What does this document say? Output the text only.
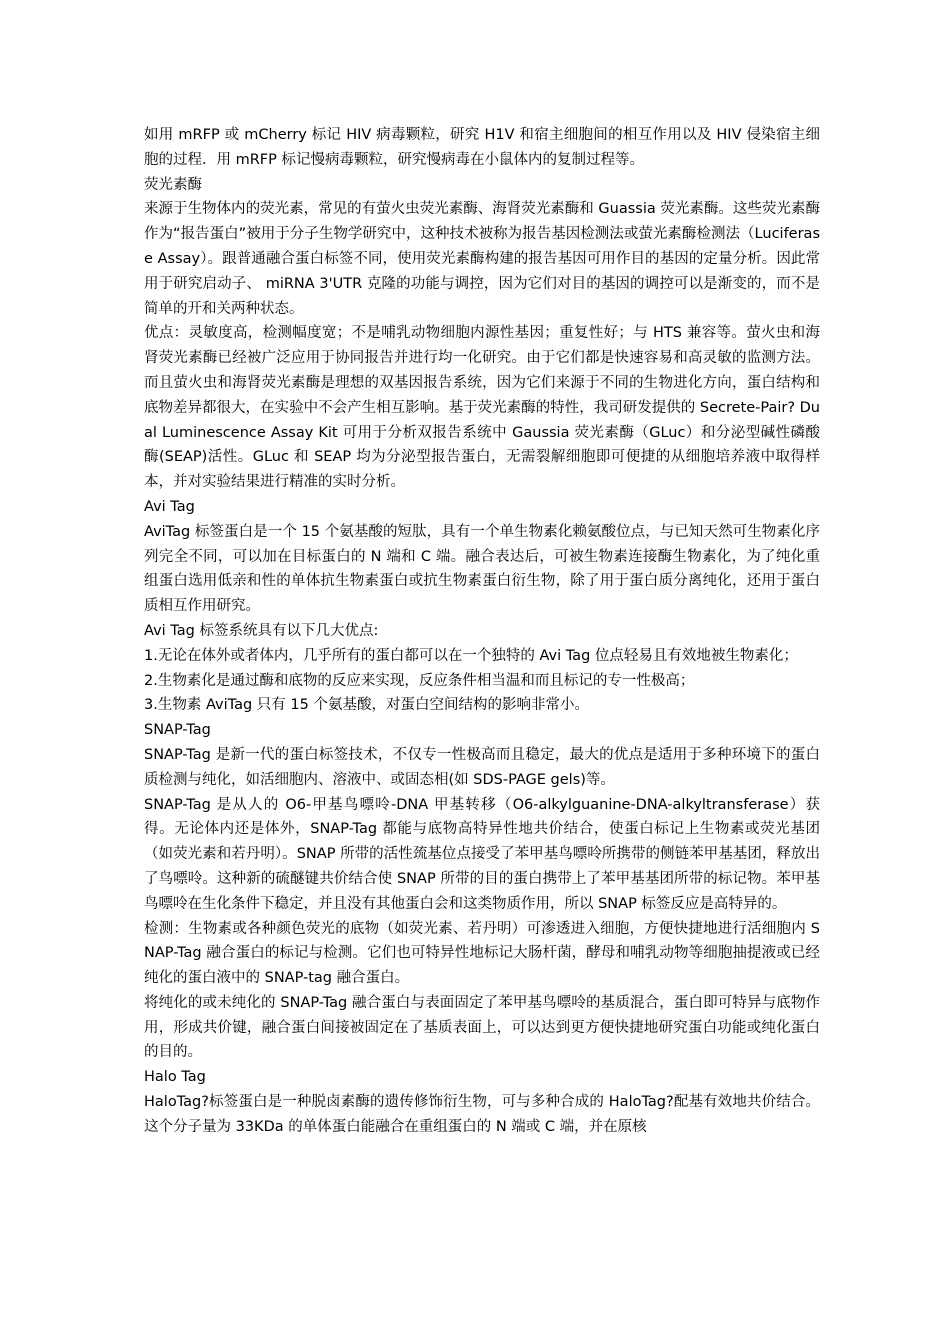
如用 mRFP 或 mCherry 标记 HIV 病毒颗粒，研究 H1V 和宿主细胞间的相互作用以及 HIV 侵染宿主细胞的过程．用 mRFP 标记慢病毒颗粒，研究慢病毒在小鼠体内的复制过程等。

荧光素酶

来源于生物体内的荧光素，常见的有萤火虫荧光素酶、海肾荧光素酶和 Guassia 荧光素酶。这些荧光素酶作为“报告蛋白”被用于分子生物学研究中，这种技术被称为报告基因检测法或萤光素酶检测法（Luciferase Assay）。跟普通融合蛋白标签不同，使用荧光素酶构建的报告基因可用作目的基因的定量分析。因此常用于研究启动子、 miRNA 3'UTR 克隆的功能与调控，因为它们对目的基因的调控可以是渐变的，而不是简单的开和关两种状态。

优点：灵敏度高，检测幅度宽；不是哺乳动物细胞内源性基因；重复性好；与 HTS 兼容等。萤火虫和海肾荧光素酶已经被广泛应用于协同报告并进行均一化研究。由于它们都是快速容易和高灵敏的监测方法。而且萤火虫和海肾荧光素酶是理想的双基因报告系统，因为它们来源于不同的生物进化方向，蛋白结构和底物差异都很大，在实验中不会产生相互影响。基于荧光素酶的特性，我司研发提供的 Secrete-Pair? Dual Luminescence Assay Kit 可用于分析双报告系统中 Gaussia 荧光素酶（GLuc）和分泌型碱性磷酸酶(SEAP)活性。GLuc 和 SEAP 均为分泌型报告蛋白，无需裂解细胞即可便捷的从细胞培养液中取得样本，并对实验结果进行精准的实时分析。

Avi Tag

AviTag 标签蛋白是一个 15 个氨基酸的短肽，具有一个单生物素化赖氨酸位点，与已知天然可生物素化序列完全不同，可以加在目标蛋白的 N 端和 C 端。融合表达后，可被生物素连接酶生物素化，为了纯化重组蛋白选用低亲和性的单体抗生物素蛋白或抗生物素蛋白衍生物，除了用于蛋白质分离纯化，还用于蛋白质相互作用研究。

Avi Tag 标签系统具有以下几大优点:

1.无论在体外或者体内，几乎所有的蛋白都可以在一个独特的 Avi Tag 位点轻易且有效地被生物素化；

2.生物素化是通过酶和底物的反应来实现，反应条件相当温和而且标记的专一性极高；

3.生物素 AviTag 只有 15 个氨基酸，对蛋白空间结构的影响非常小。

SNAP-Tag

SNAP-Tag 是新一代的蛋白标签技术，不仅专一性极高而且稳定，最大的优点是适用于多种环境下的蛋白质检测与纯化，如活细胞内、溶液中、或固态相(如 SDS-PAGE gels)等。

SNAP-Tag 是从人的 O6-甲基鸟嘌呤-DNA 甲基转移（O6-alkylguanine-DNA-alkyltransferase）获得。无论体内还是体外，SNAP-Tag 都能与底物高特异性地共价结合，使蛋白标记上生物素或荧光基团（如荧光素和若丹明）。SNAP 所带的活性巯基位点接受了苯甲基鸟嘌呤所携带的侧链苯甲基基团，释放出了鸟嘌呤。这种新的硫醚键共价结合使 SNAP 所带的目的蛋白携带上了苯甲基基团所带的标记物。苯甲基鸟嘌呤在生化条件下稳定，并且没有其他蛋白会和这类物质作用，所以 SNAP 标签反应是高特异的。

检测：生物素或各种颜色荧光的底物（如荧光素、若丹明）可渗透进入细胞，方便快捷地进行活细胞内 SNAP-Tag 融合蛋白的标记与检测。它们也可特异性地标记大肠杆菌，酵母和哺乳动物等细胞抽提液或已经纯化的蛋白液中的 SNAP-tag 融合蛋白。

将纯化的或未纯化的 SNAP-Tag 融合蛋白与表面固定了苯甲基鸟嘌呤的基质混合，蛋白即可特异与底物作用，形成共价键，融合蛋白间接被固定在了基质表面上，可以达到更方便快捷地研究蛋白功能或纯化蛋白的目的。

Halo Tag

HaloTag?标签蛋白是一种脱卤素酶的遗传修饰衍生物，可与多种合成的 HaloTag?配基有效地共价结合。这个分子量为 33KDa 的单体蛋白能融合在重组蛋白的 N 端或 C 端，并在原核
